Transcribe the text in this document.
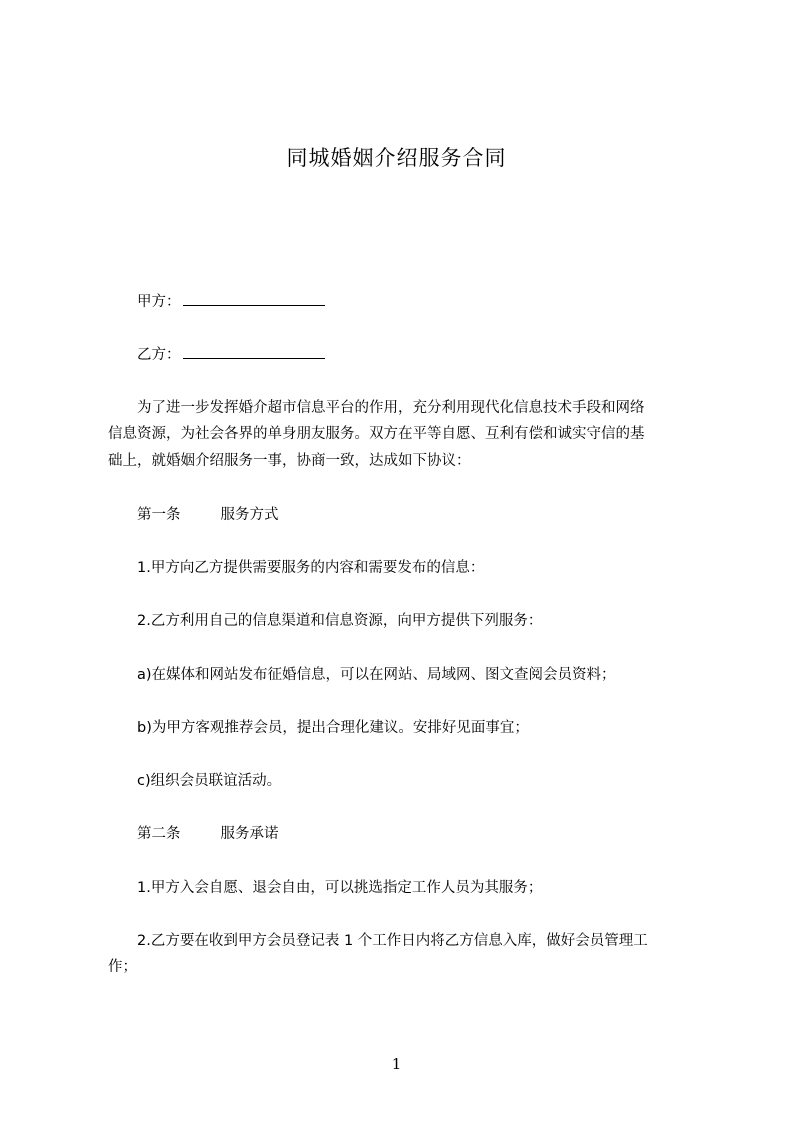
同城婚姻介绍服务合同
甲方：
乙方：
为了进一步发挥婚介超市信息平台的作用，充分利用现代化信息技术手段和网络
信息资源，为社会各界的单身朋友服务。双方在平等自愿、互利有偿和诚实守信的基
础上，就婚姻介绍服务一事，协商一致，达成如下协议：
第一条	服务方式
1.甲方向乙方提供需要服务的内容和需要发布的信息：
2.乙方利用自己的信息渠道和信息资源，向甲方提供下列服务：
a)在媒体和网站发布征婚信息，可以在网站、局域网、图文查阅会员资料；
b)为甲方客观推荐会员，提出合理化建议。安排好见面事宜；
c)组织会员联谊活动。
第二条	服务承诺
1.甲方入会自愿、退会自由，可以挑选指定工作人员为其服务；
2.乙方要在收到甲方会员登记表 1 个工作日内将乙方信息入库，做好会员管理工
作；
1
